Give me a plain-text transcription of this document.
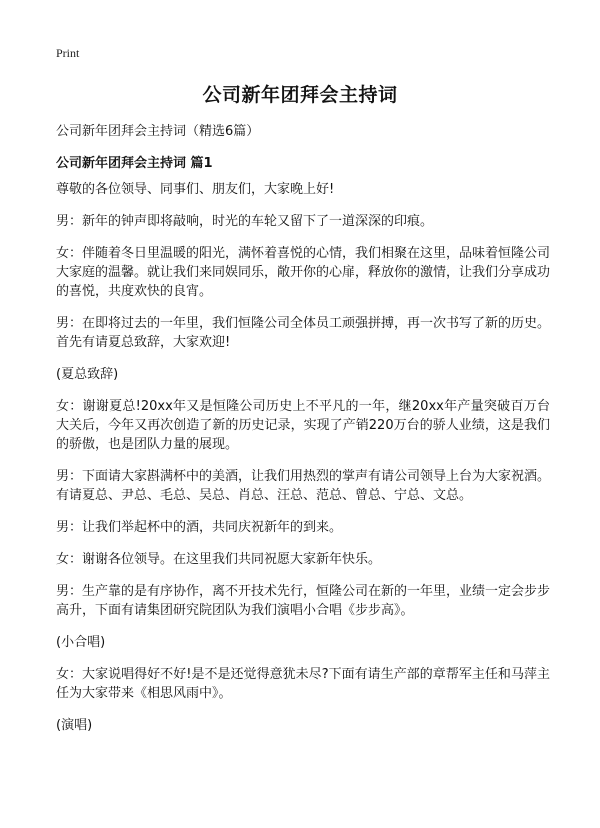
Print
公司新年团拜会主持词

公司新年团拜会主持词（精选6篇）

公司新年团拜会主持词 篇1

尊敬的各位领导、同事们、朋友们，大家晚上好!

男：新年的钟声即将敲响，时光的车轮又留下了一道深深的印痕。

女：伴随着冬日里温暖的阳光，满怀着喜悦的心情，我们相聚在这里，品味着恒隆公司大家庭的温馨。就让我们来同娱同乐，敞开你的心扉，释放你的激情，让我们分享成功的喜悦，共度欢快的良宵。

男：在即将过去的一年里，我们恒隆公司全体员工顽强拼搏，再一次书写了新的历史。首先有请夏总致辞，大家欢迎!

(夏总致辞)

女：谢谢夏总!20xx年又是恒隆公司历史上不平凡的一年，继20xx年产量突破百万台大关后，今年又再次创造了新的历史记录，实现了产销220万台的骄人业绩，这是我们的骄傲，也是团队力量的展现。

男：下面请大家斟满杯中的美酒，让我们用热烈的掌声有请公司领导上台为大家祝酒。有请夏总、尹总、毛总、吴总、肖总、汪总、范总、曾总、宁总、文总。

男：让我们举起杯中的酒，共同庆祝新年的到来。

女：谢谢各位领导。在这里我们共同祝愿大家新年快乐。

男：生产靠的是有序协作，离不开技术先行，恒隆公司在新的一年里，业绩一定会步步高升，下面有请集团研究院团队为我们演唱小合唱《步步高》。

(小合唱)

女：大家说唱得好不好!是不是还觉得意犹未尽?下面有请生产部的章帮军主任和马萍主任为大家带来《相思风雨中》。

(演唱)
